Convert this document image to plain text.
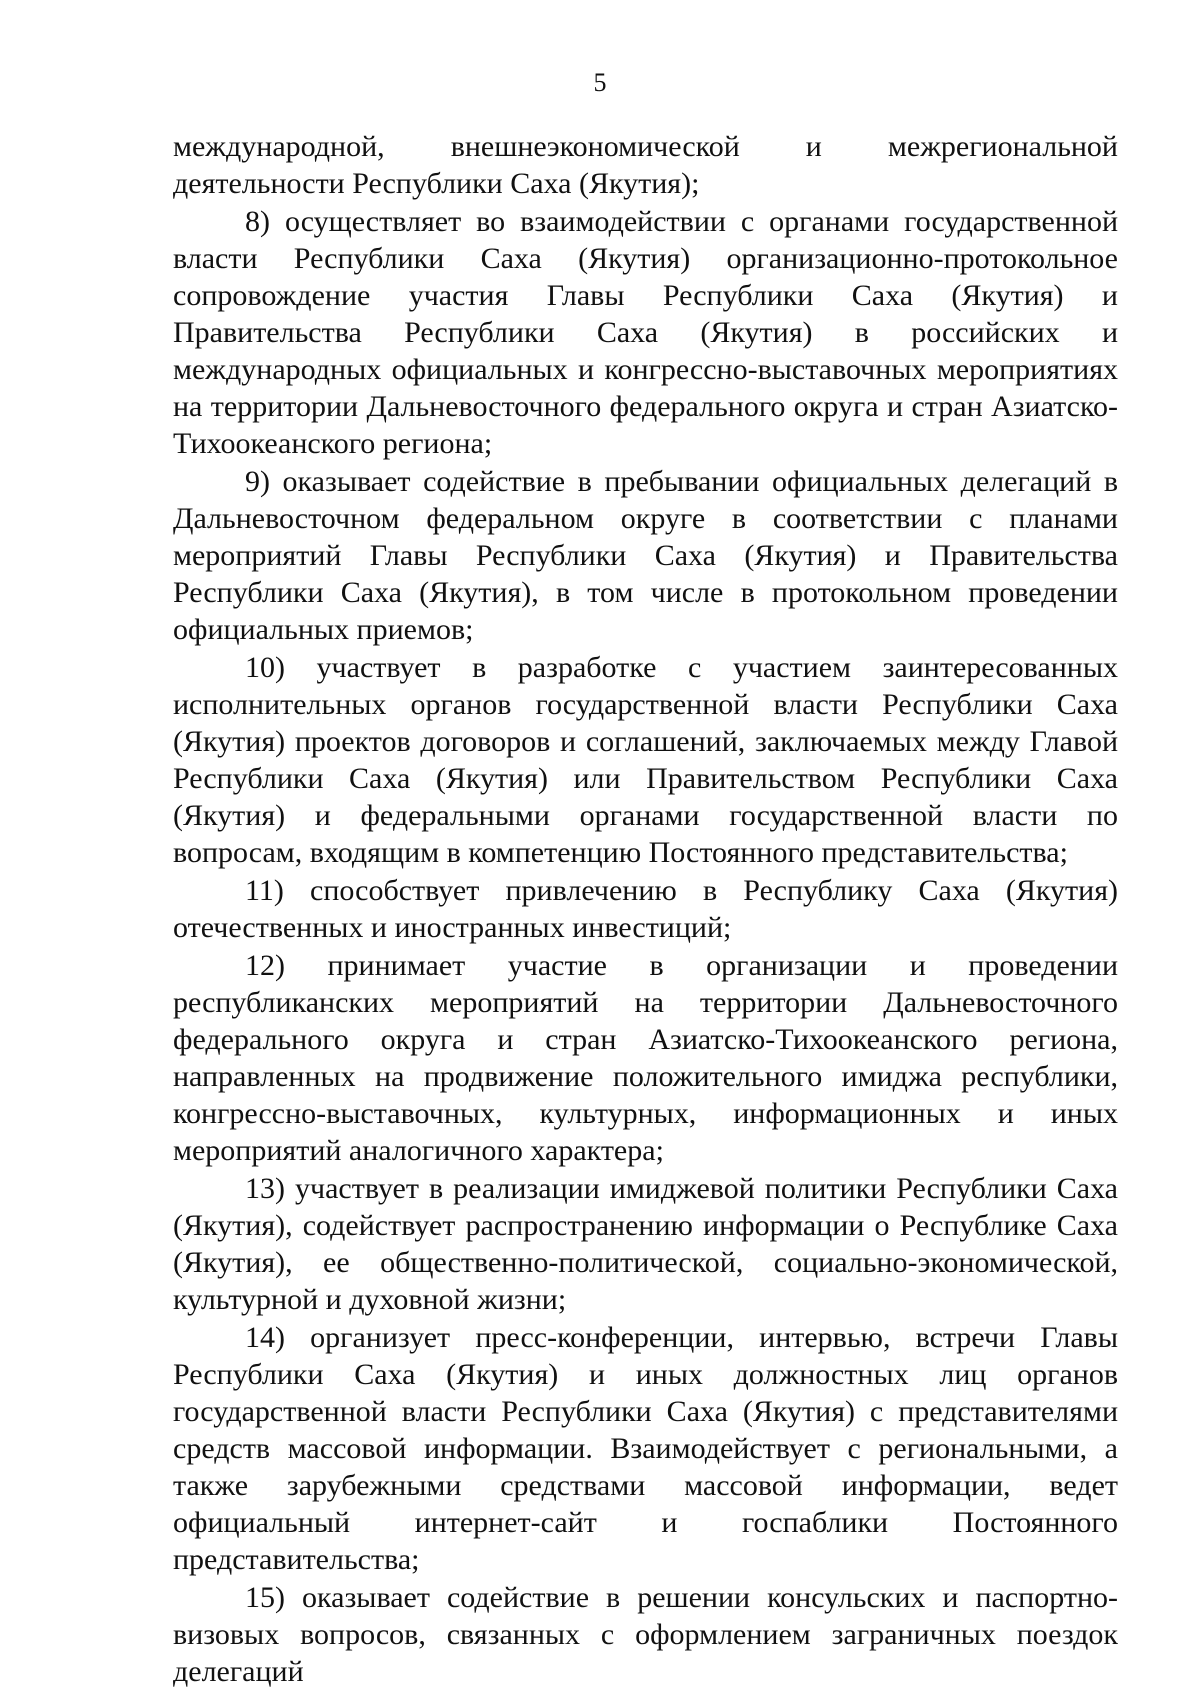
5

международной, внешнеэкономической и межрегиональной деятельности Республики Саха (Якутия);

8) осуществляет во взаимодействии с органами государственной власти Республики Саха (Якутия) организационно-протокольное сопровождение участия Главы Республики Саха (Якутия) и Правительства Республики Саха (Якутия) в российских и международных официальных и конгрессно-выставочных мероприятиях на территории Дальневосточного федерального округа и стран Азиатско-Тихоокеанского региона;

9) оказывает содействие в пребывании официальных делегаций в Дальневосточном федеральном округе в соответствии с планами мероприятий Главы Республики Саха (Якутия) и Правительства Республики Саха (Якутия), в том числе в протокольном проведении официальных приемов;

10) участвует в разработке с участием заинтересованных исполнительных органов государственной власти Республики Саха (Якутия) проектов договоров и соглашений, заключаемых между Главой Республики Саха (Якутия) или Правительством Республики Саха (Якутия) и федеральными органами государственной власти по вопросам, входящим в компетенцию Постоянного представительства;

11) способствует привлечению в Республику Саха (Якутия) отечественных и иностранных инвестиций;

12) принимает участие в организации и проведении республиканских мероприятий на территории Дальневосточного федерального округа и стран Азиатско-Тихоокеанского региона, направленных на продвижение положительного имиджа республики, конгрессно-выставочных, культурных, информационных и иных мероприятий аналогичного характера;

13) участвует в реализации имиджевой политики Республики Саха (Якутия), содействует распространению информации о Республике Саха (Якутия), ее общественно-политической, социально-экономической, культурной и духовной жизни;

14) организует пресс-конференции, интервью, встречи Главы Республики Саха (Якутия) и иных должностных лиц органов государственной власти Республики Саха (Якутия) с представителями средств массовой информации. Взаимодействует с региональными, а также зарубежными средствами массовой информации, ведет официальный интернет-сайт и госпаблики Постоянного представительства;

15) оказывает содействие в решении консульских и паспортно-визовых вопросов, связанных с оформлением заграничных поездок делегаций
